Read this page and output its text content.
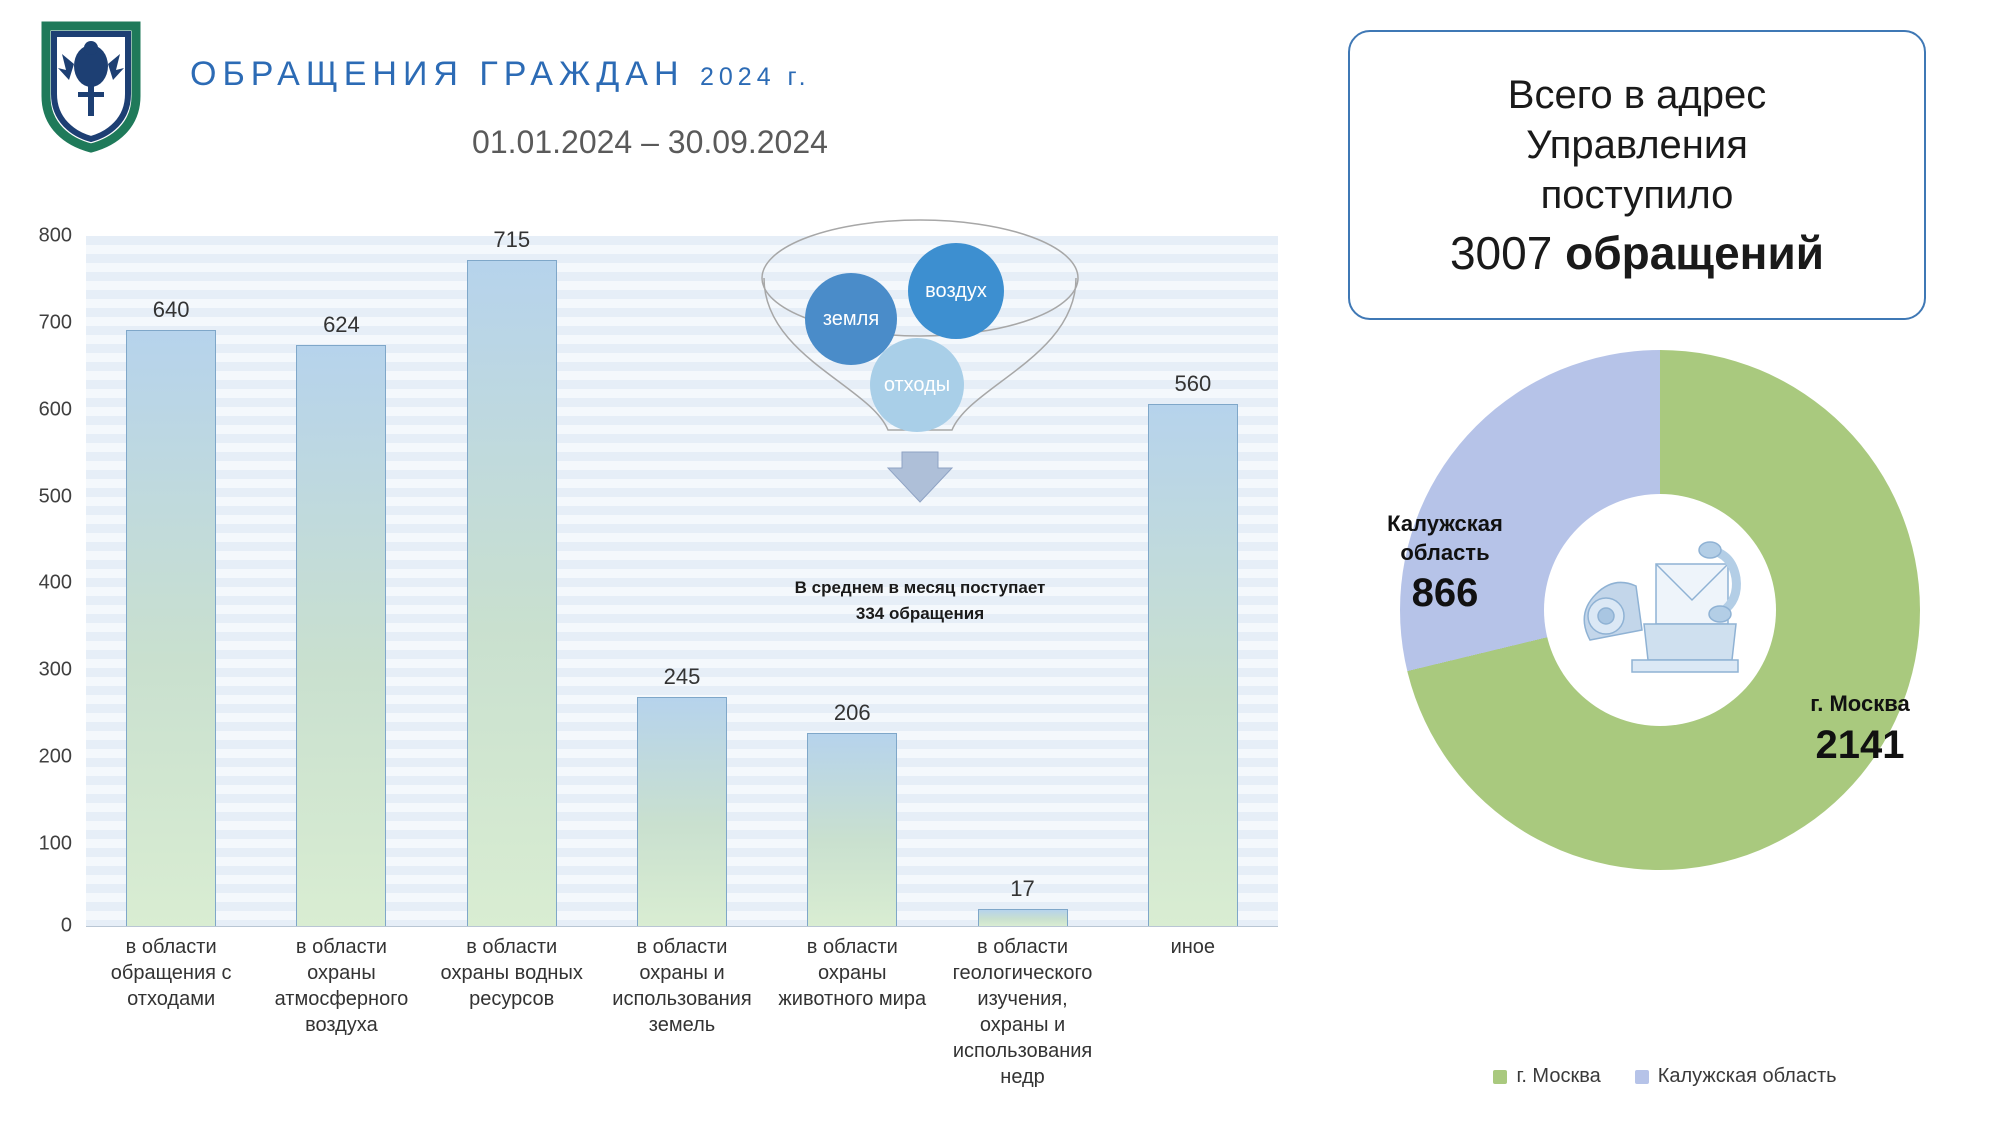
ОБРАЩЕНИЯ ГРАЖДАН 2024 г.
01.01.2024 – 30.09.2024
800
700
600
500
400
300
200
100
0
640
624
715
245
206
17
560
в области обращения с отходами
в области охраны атмосферного воздуха
в области охраны водных ресурсов
в области охраны и использования земель
в области охраны животного мира
в области геологического изучения, охраны и использования недр
иное
воздух
земля
отходы
В среднем в месяц поступает
334 обращения
Всего в адрес
Управления
поступило
3007 обращений
Калужская область
866
г. Москва
2141
г. Москва	Калужская область
